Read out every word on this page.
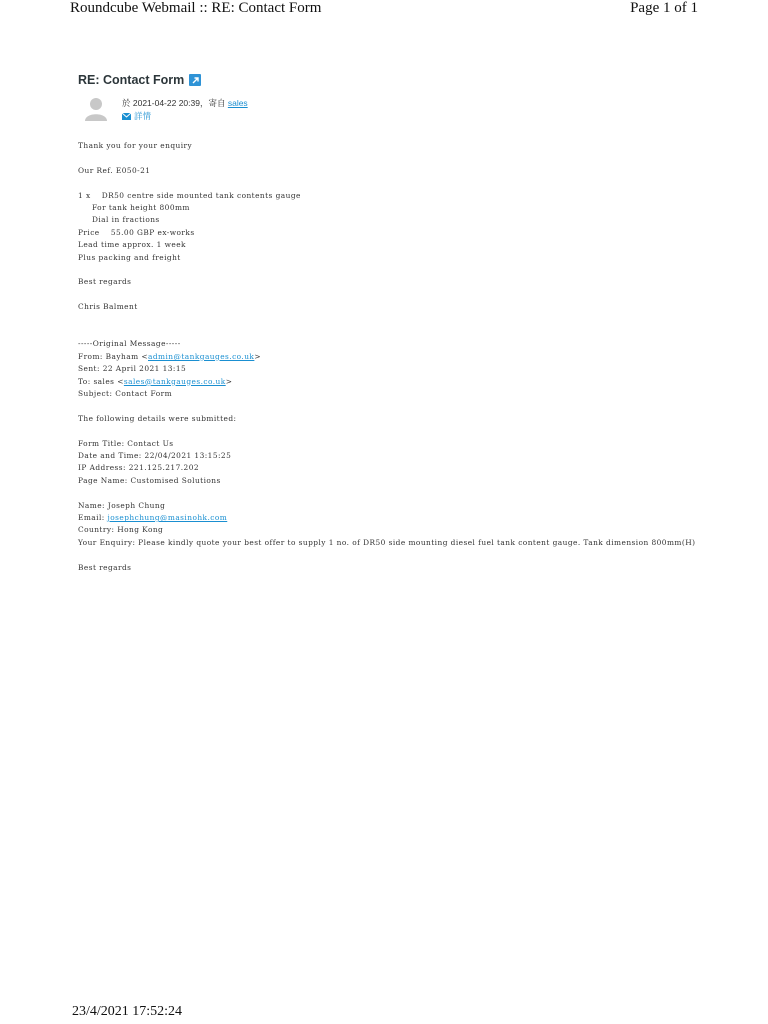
Roundcube Webmail :: RE: Contact Form	Page 1 of 1
RE: Contact Form
於 2021-04-22 20:39，寄自 sales
詳情
Thank you for your enquiry
Our Ref. E050-21
1 x    DR50 centre side mounted tank contents gauge
For tank height 800mm
Dial in fractions
Price    55.00 GBP ex-works
Lead time approx. 1 week
Plus packing and freight
Best regards
Chris Balment
-----Original Message-----
From: Bayham <admin@tankgauges.co.uk>
Sent: 22 April 2021 13:15
To: sales <sales@tankgauges.co.uk>
Subject: Contact Form
The following details were submitted:
Form Title: Contact Us
Date and Time: 22/04/2021 13:15:25
IP Address: 221.125.217.202
Page Name: Customised Solutions
Name: Joseph Chung
Email: josephchung@masinohk.com
Country: Hong Kong
Your Enquiry: Please kindly quote your best offer to supply 1 no. of DR50 side mounting diesel fuel tank content gauge. Tank dimension 800mm(H)
Best regards
23/4/2021 17:52:24
